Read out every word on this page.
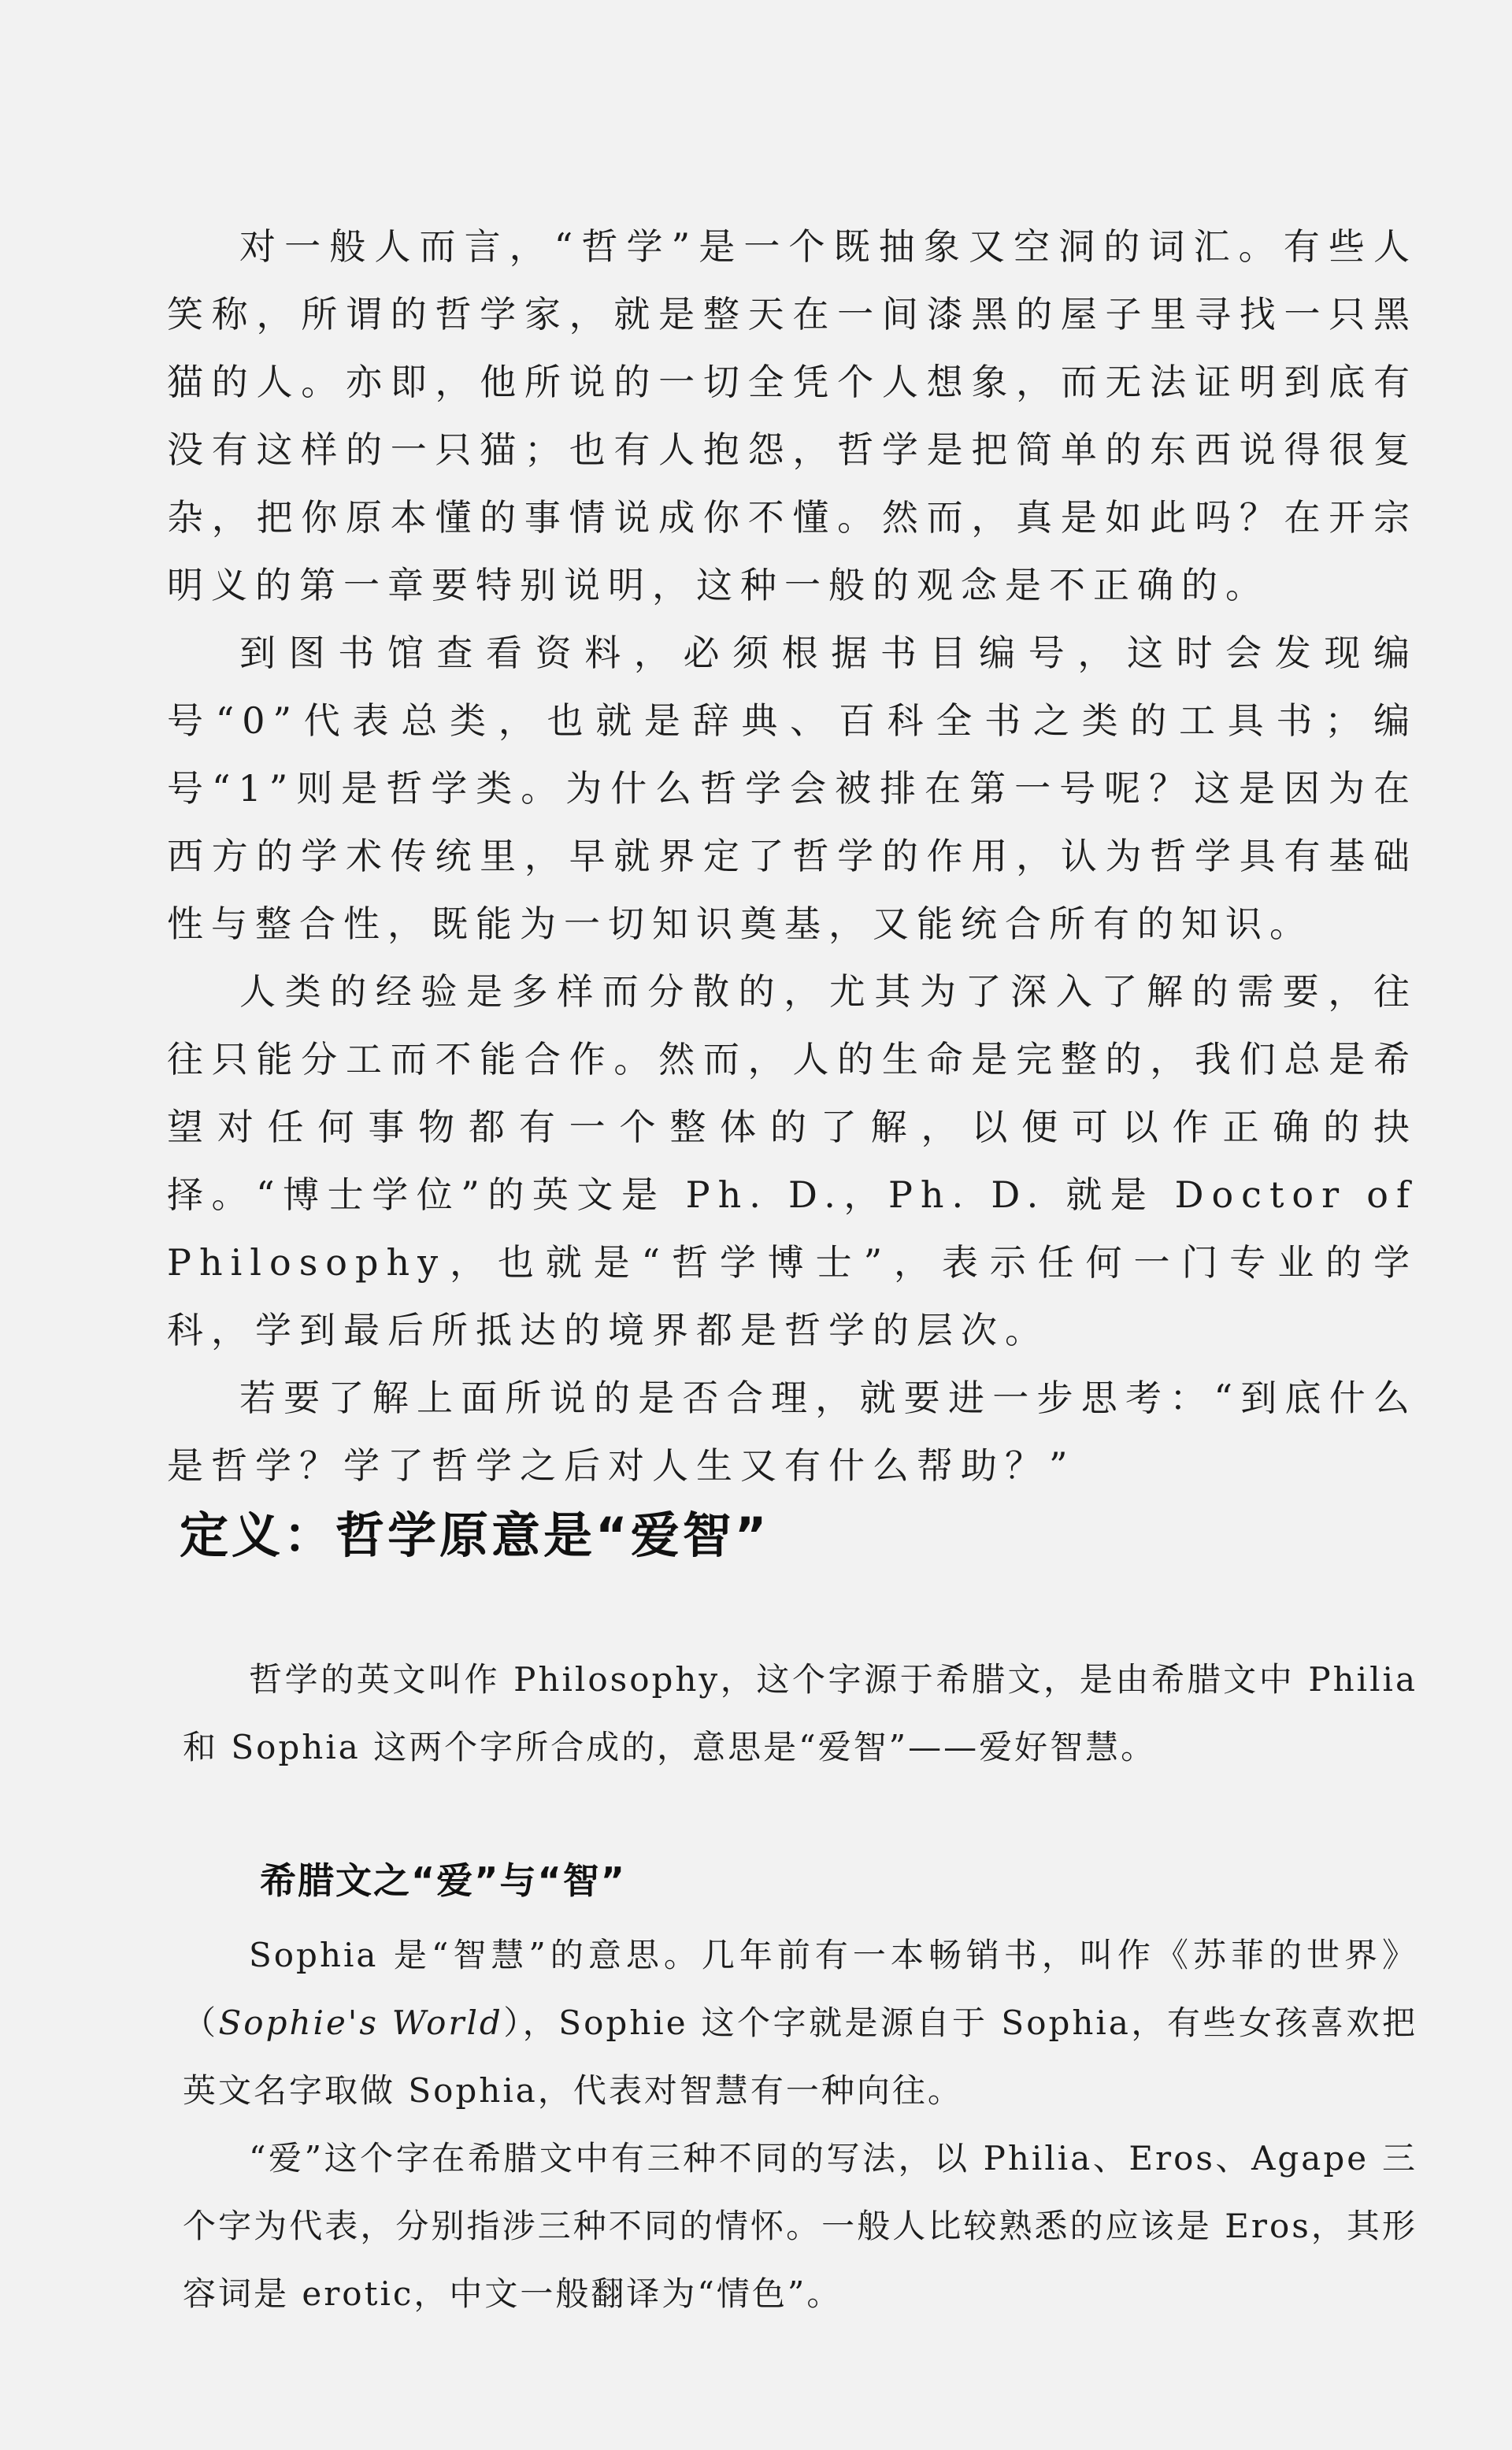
对一般人而言，“哲学”是一个既抽象又空洞的词汇。有些人笑称，所谓的哲学家，就是整天在一间漆黑的屋子里寻找一只黑猫的人。亦即，他所说的一切全凭个人想象，而无法证明到底有没有这样的一只猫；也有人抱怨，哲学是把简单的东西说得很复杂，把你原本懂的事情说成你不懂。然而，真是如此吗？在开宗明义的第一章要特别说明，这种一般的观念是不正确的。

到图书馆查看资料，必须根据书目编号，这时会发现编号“0”代表总类，也就是辞典、百科全书之类的工具书；编号“1”则是哲学类。为什么哲学会被排在第一号呢？这是因为在西方的学术传统里，早就界定了哲学的作用，认为哲学具有基础性与整合性，既能为一切知识奠基，又能统合所有的知识。

人类的经验是多样而分散的，尤其为了深入了解的需要，往往只能分工而不能合作。然而，人的生命是完整的，我们总是希望对任何事物都有一个整体的了解，以便可以作正确的抉择。“博士学位”的英文是 Ph. D.，Ph. D. 就是 Doctor of Philosophy，也就是“哲学博士”，表示任何一门专业的学科，学到最后所抵达的境界都是哲学的层次。

若要了解上面所说的是否合理，就要进一步思考：“到底什么是哲学？学了哲学之后对人生又有什么帮助？”

定义：哲学原意是“爱智”

哲学的英文叫作 Philosophy，这个字源于希腊文，是由希腊文中 Philia 和 Sophia 这两个字所合成的，意思是“爱智”——爱好智慧。

希腊文之“爱”与“智”

Sophia 是“智慧”的意思。几年前有一本畅销书，叫作《苏菲的世界》（Sophie's World），Sophie 这个字就是源自于 Sophia，有些女孩喜欢把英文名字取做 Sophia，代表对智慧有一种向往。

“爱”这个字在希腊文中有三种不同的写法，以 Philia、Eros、Agape 三个字为代表，分别指涉三种不同的情怀。一般人比较熟悉的应该是 Eros，其形容词是 erotic，中文一般翻译为“情色”。
